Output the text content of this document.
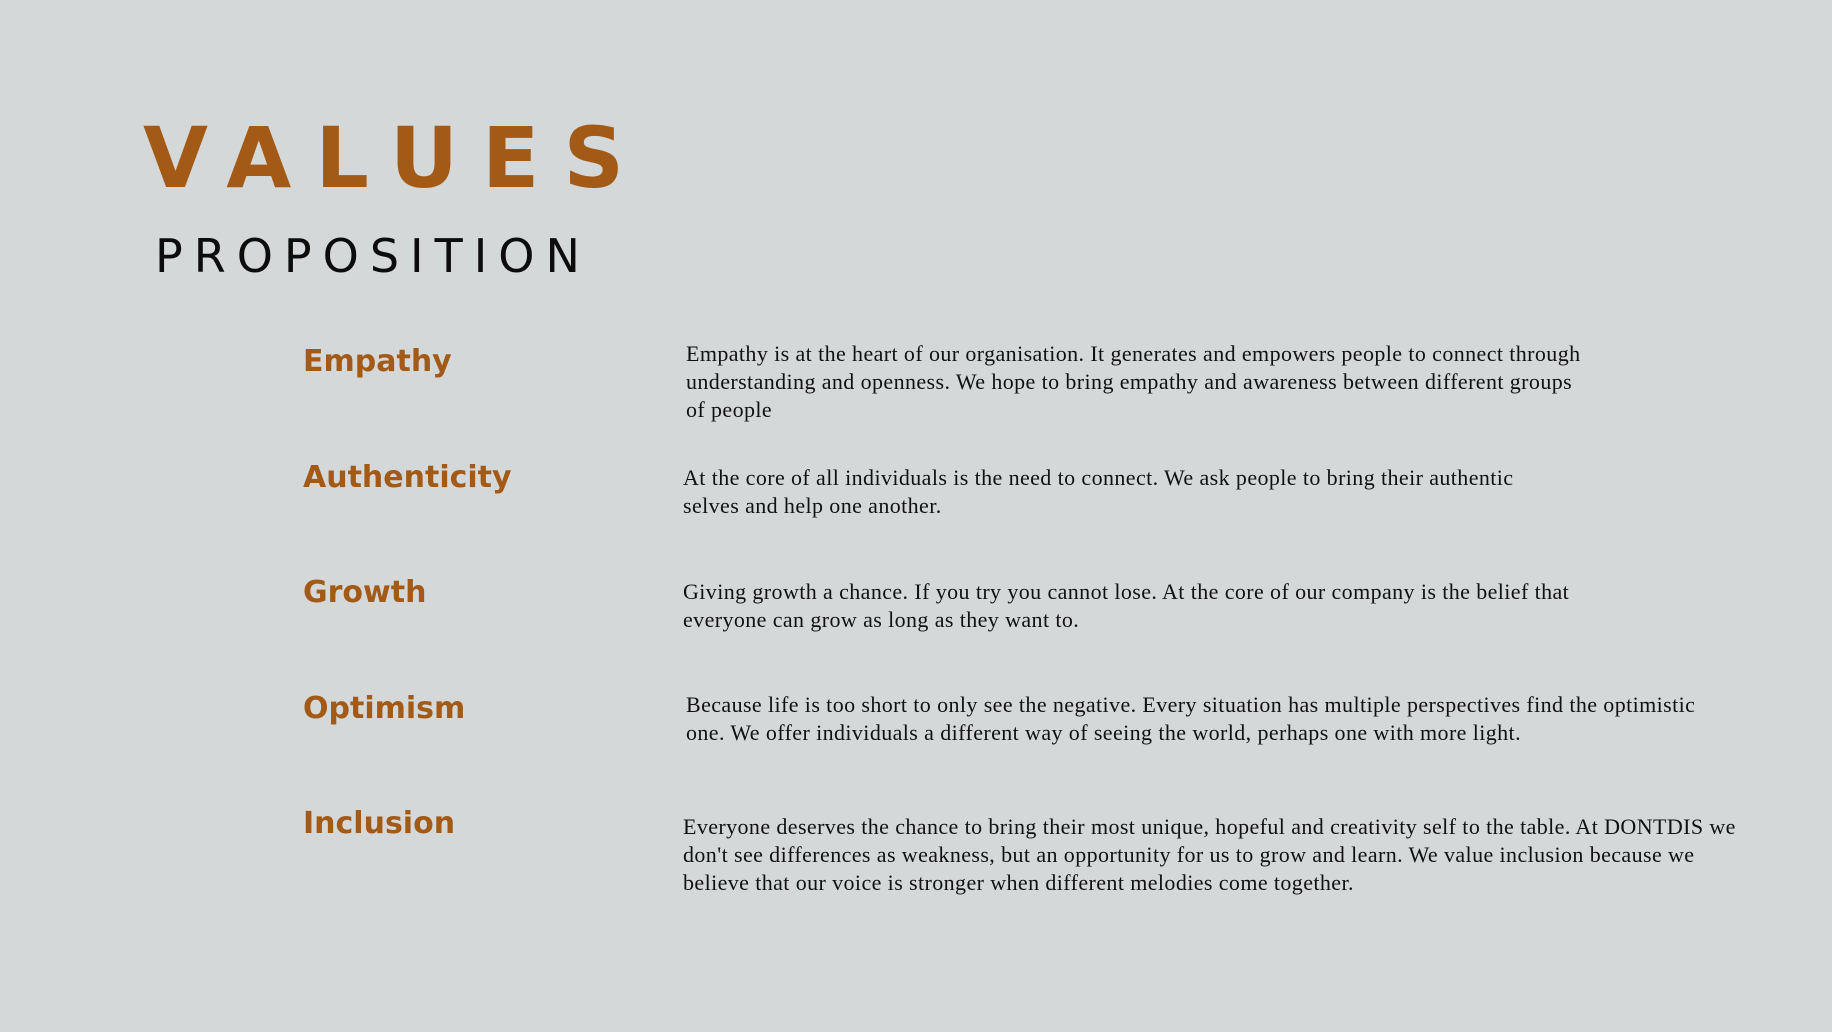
VALUES
PROPOSITION
Empathy	Empathy is at the heart of our organisation. It generates and empowers people to connect through understanding and openness. We hope to bring empathy and awareness between different groups of people

Authenticity	At the core of all individuals is the need to connect. We ask people to bring their authentic selves and help one another.

Growth	Giving growth a chance. If you try you cannot lose. At the core of our company is the belief that everyone can grow as long as they want to.

Optimism	Because life is too short to only see the negative. Every situation has multiple perspectives find the optimistic one. We offer individuals a different way of seeing the world, perhaps one with more light.

Inclusion	Everyone deserves the chance to bring their most unique, hopeful and creativity self to the table. At DONTDIS we don't see differences as weakness, but an opportunity for us to grow and learn. We value inclusion because we believe that our voice is stronger when different melodies come together.
